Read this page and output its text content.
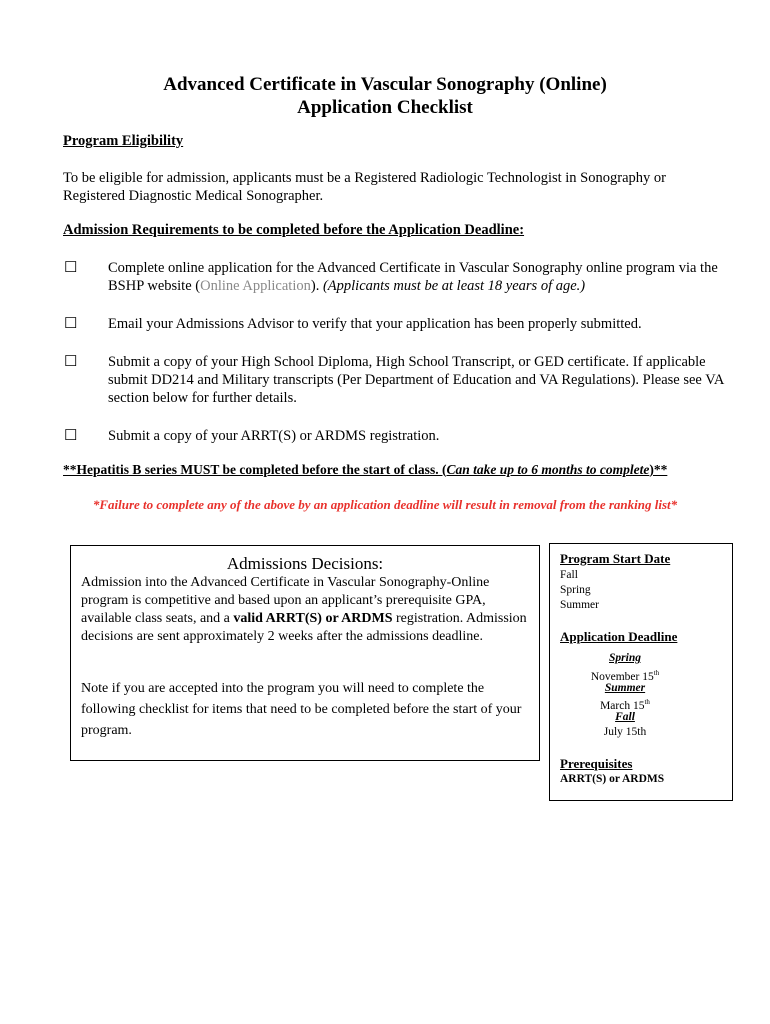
Advanced Certificate in Vascular Sonography (Online)
Application Checklist
Program Eligibility
To be eligible for admission, applicants must be a Registered Radiologic Technologist in Sonography or Registered Diagnostic Medical Sonographer.
Admission Requirements to be completed before the Application Deadline:
☐ Complete online application for the Advanced Certificate in Vascular Sonography online program via the BSHP website (Online Application). (Applicants must be at least 18 years of age.)
☐ Email your Admissions Advisor to verify that your application has been properly submitted.
☐ Submit a copy of your High School Diploma, High School Transcript, or GED certificate. If applicable submit DD214 and Military transcripts (Per Department of Education and VA Regulations). Please see VA section below for further details.
☐ Submit a copy of your ARRT(S) or ARDMS registration.
**Hepatitis B series MUST be completed before the start of class. (Can take up to 6 months to complete)**
*Failure to complete any of the above by an application deadline will result in removal from the ranking list*
Admissions Decisions:
Admission into the Advanced Certificate in Vascular Sonography-Online program is competitive and based upon an applicant’s prerequisite GPA, available class seats, and a valid ARRT(S) or ARDMS registration. Admission decisions are sent approximately 2 weeks after the admissions deadline.
Note if you are accepted into the program you will need to complete the following checklist for items that need to be completed before the start of your program.
Program Start Date
Fall
Spring
Summer
Application Deadline
Spring
November 15th
Summer
March 15th
Fall
July 15th
Prerequisites
ARRT(S) or ARDMS
